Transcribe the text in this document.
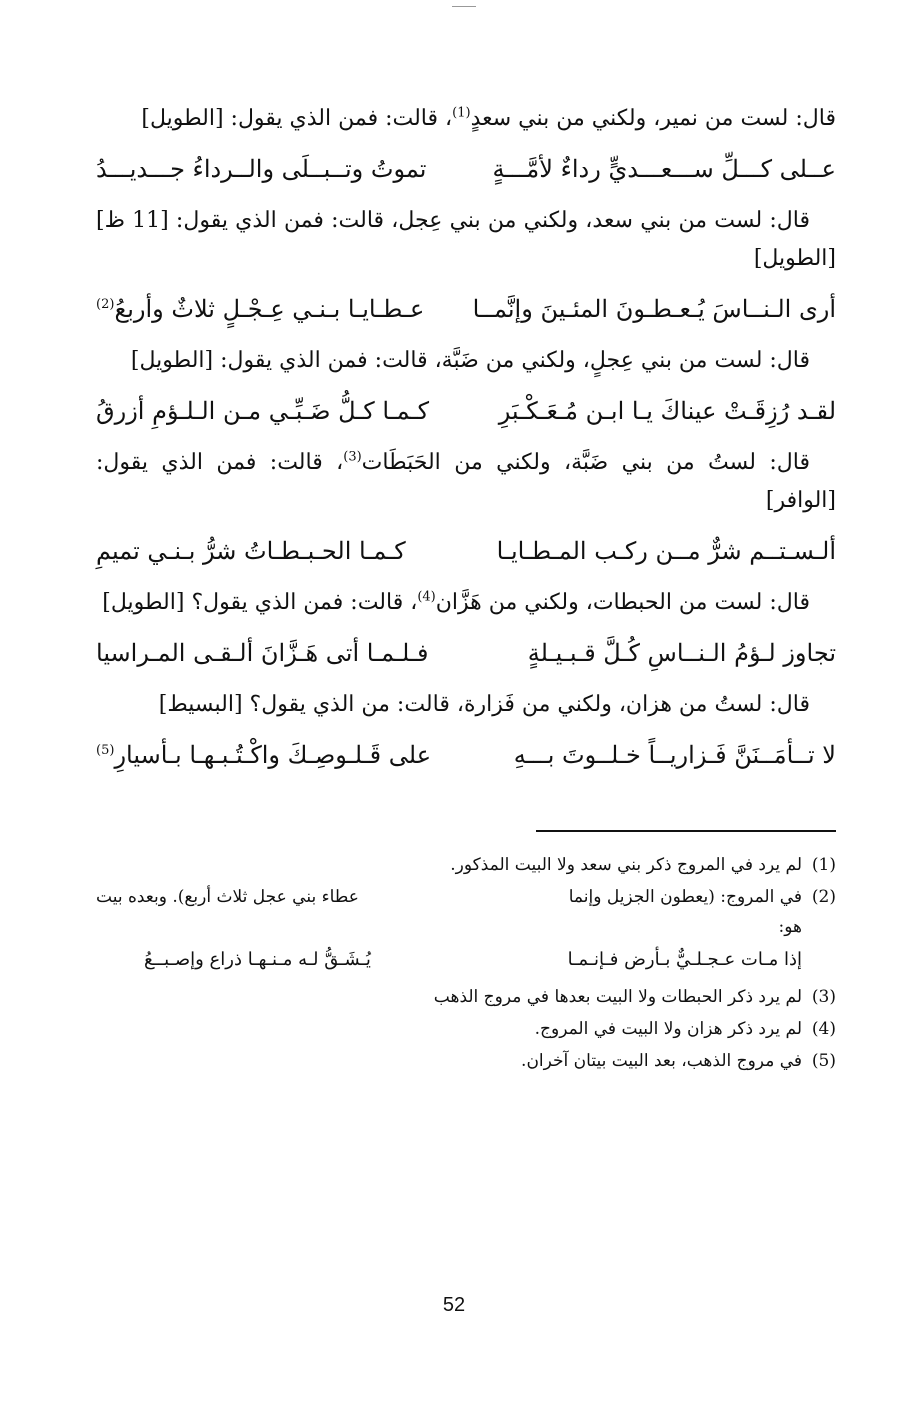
قال: لست من نمير، ولكني من بني سعدٍ$^{(1)}$، قالت: فمن الذي يقول: [الطويل]

عــلى كـــلِّ ســـعـــديٍّ رداءٌ لأمَّـــةٍ
تموتُ وتــبــلَى والــرداءُ جـــديـــدُ

قال: لست من بني سعد، ولكني من بني عِجل، قالت: فمن الذي يقول: [11 ظ] [الطويل]

أرى الـنــاسَ يُـعـطـونَ المئـينَ وإنَّمــا
عـطـايـا بـنـي عِـجْـلٍ ثلاثٌ وأربعُ$^{(2)}$

قال: لست من بني عِجلٍ، ولكني من ضَبَّة، قالت: فمن الذي يقول: [الطويل]

لقـد رُزِقَـتْ عيناكَ يـا ابـن مُـعَـكْـبَرِ
كـمـا كـلُّ ضَـبِّـي مـن الـلـؤمِ أزرقُ

قال: لستُ من بني ضَبَّة، ولكني من الحَبَطَات$^{(3)}$، قالت: فمن الذي يقول: [الوافر]

ألـسـتــم شرٌّ مــن ركـب المـطـايـا
كـمـا الحـبـطـاتُ شرُّ بـنـي تميمِ

قال: لست من الحبطات، ولكني من هَزَّان$^{(4)}$، قالت: فمن الذي يقول؟ [الطويل]

تجاوز لـؤمُ الـنــاسِ كُـلَّ قـبـيـلةٍ
فـلـمـا أتى هَـزَّانَ ألـقـى المـراسيا

قال: لستُ من هزان، ولكني من فَزارة، قالت: من الذي يقول؟ [البسيط]

لا تــأمَــنَنَّ فَـزاريــاً خـلــوتَ بـــهِ
على قَـلـوصِـكَ واكْـتُـبـهـا بـأسيارِ$^{(5)}$
(1)
لم يرد في المروج ذكر بني سعد ولا البيت المذكور.
(2)
في المروج: (يعطون الجزيل وإنما
عطاء بني عجل ثلاث أربع). وبعده بيت
هو:
إذا مـات عـجـلـيٌّ بـأرض فـإنـمـا
يُـشَـقُّ لـه مـنـهـا ذراع وإصـبــعُ
(3)
لم يرد ذكر الحبطات ولا البيت بعدها في مروج الذهب
(4)
لم يرد ذكر هزان ولا البيت في المروج.
(5)
في مروج الذهب، بعد البيت بيتان آخران.
52
